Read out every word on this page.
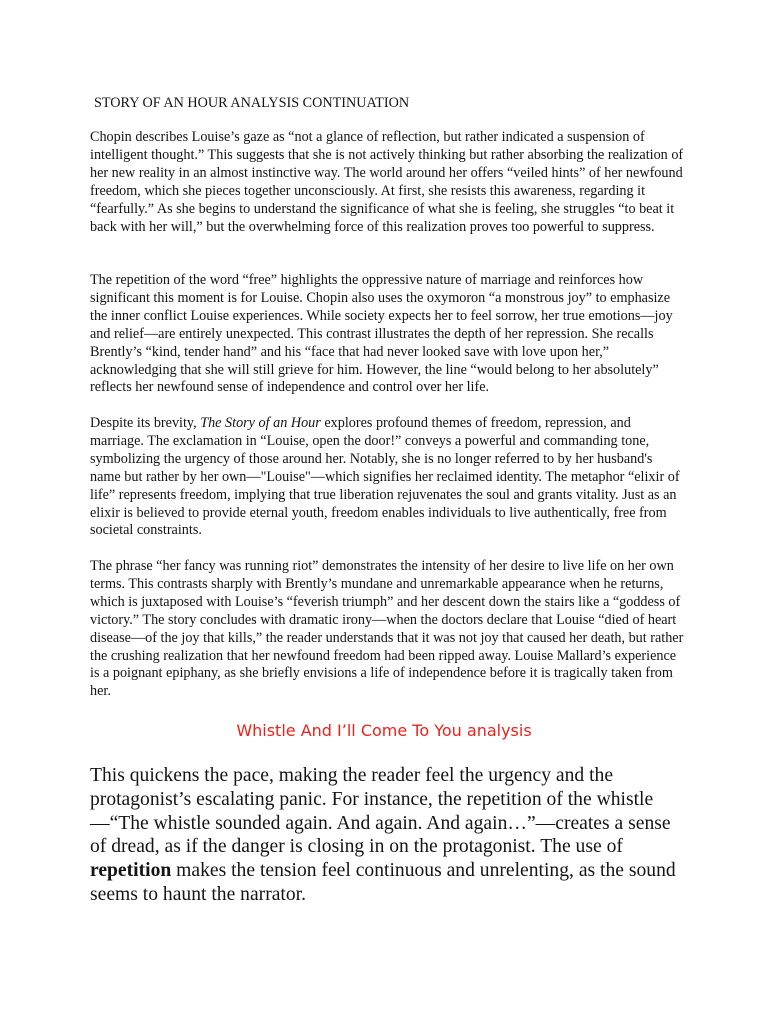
STORY OF AN HOUR ANALYSIS CONTINUATION

Chopin describes Louise’s gaze as “not a glance of reflection, but rather indicated a suspension of intelligent thought.” This suggests that she is not actively thinking but rather absorbing the realization of her new reality in an almost instinctive way. The world around her offers “veiled hints” of her newfound freedom, which she pieces together unconsciously. At first, she resists this awareness, regarding it “fearfully.” As she begins to understand the significance of what she is feeling, she struggles “to beat it back with her will,” but the overwhelming force of this realization proves too powerful to suppress.

The repetition of the word “free” highlights the oppressive nature of marriage and reinforces how significant this moment is for Louise. Chopin also uses the oxymoron “a monstrous joy” to emphasize the inner conflict Louise experiences. While society expects her to feel sorrow, her true emotions—joy and relief—are entirely unexpected. This contrast illustrates the depth of her repression. She recalls Brently’s “kind, tender hand” and his “face that had never looked save with love upon her,” acknowledging that she will still grieve for him. However, the line “would belong to her absolutely” reflects her newfound sense of independence and control over her life.

Despite its brevity, The Story of an Hour explores profound themes of freedom, repression, and marriage. The exclamation in “Louise, open the door!” conveys a powerful and commanding tone, symbolizing the urgency of those around her. Notably, she is no longer referred to by her husband's name but rather by her own—"Louise"—which signifies her reclaimed identity. The metaphor “elixir of life” represents freedom, implying that true liberation rejuvenates the soul and grants vitality. Just as an elixir is believed to provide eternal youth, freedom enables individuals to live authentically, free from societal constraints.

The phrase “her fancy was running riot” demonstrates the intensity of her desire to live life on her own terms. This contrasts sharply with Brently’s mundane and unremarkable appearance when he returns, which is juxtaposed with Louise’s “feverish triumph” and her descent down the stairs like a “goddess of victory.” The story concludes with dramatic irony—when the doctors declare that Louise “died of heart disease—of the joy that kills,” the reader understands that it was not joy that caused her death, but rather the crushing realization that her newfound freedom had been ripped away. Louise Mallard’s experience is a poignant epiphany, as she briefly envisions a life of independence before it is tragically taken from her.

Whistle And I’ll Come To You analysis

This quickens the pace, making the reader feel the urgency and the protagonist’s escalating panic. For instance, the repetition of the whistle —“The whistle sounded again. And again. And again…”—creates a sense of dread, as if the danger is closing in on the protagonist. The use of repetition makes the tension feel continuous and unrelenting, as the sound seems to haunt the narrator.
